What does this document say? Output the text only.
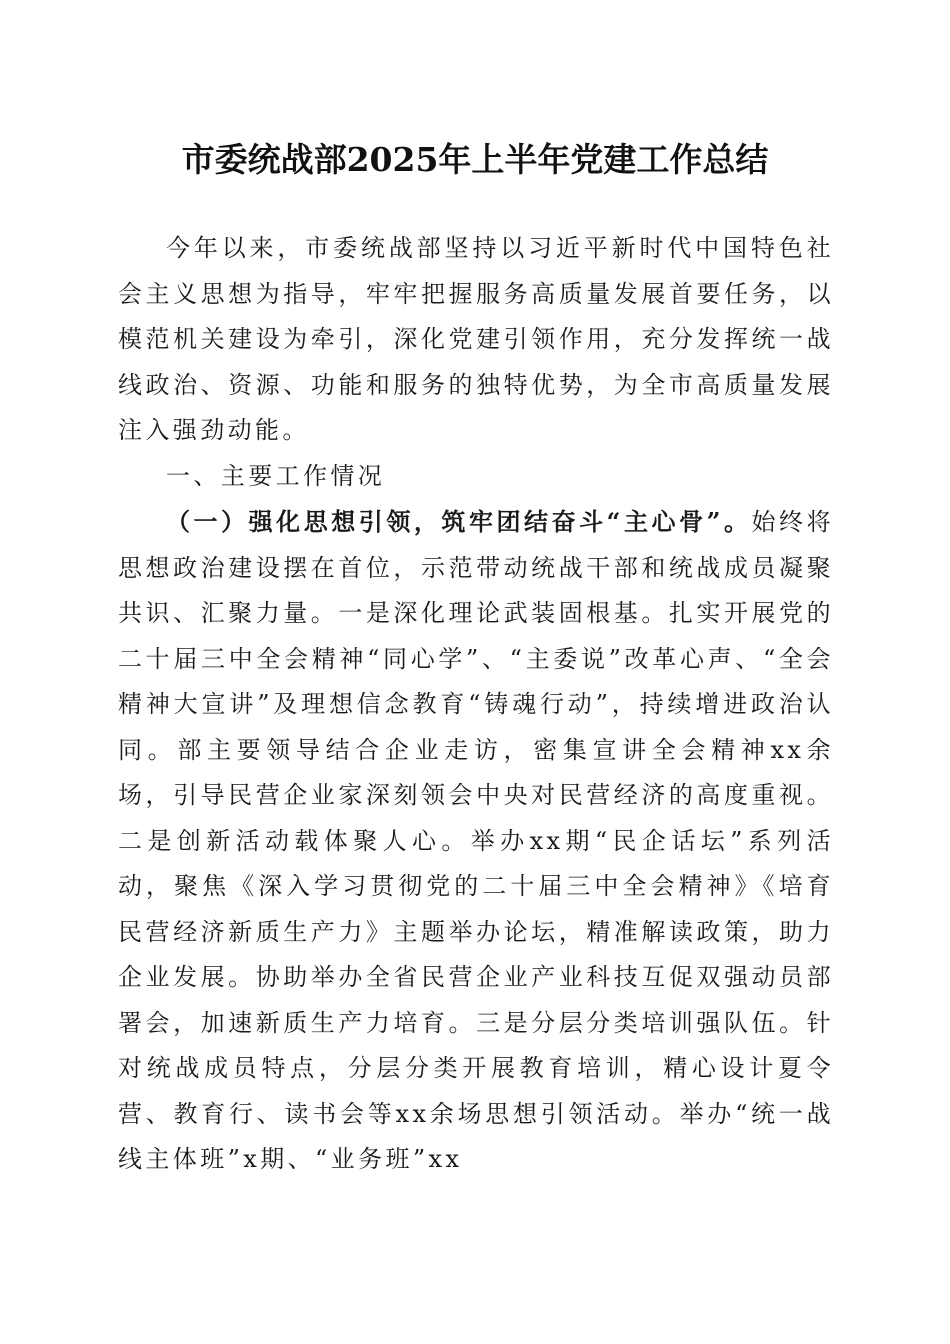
市委统战部2025年上半年党建工作总结

今年以来，市委统战部坚持以习近平新时代中国特色社会主义思想为指导，牢牢把握服务高质量发展首要任务，以模范机关建设为牵引，深化党建引领作用，充分发挥统一战线政治、资源、功能和服务的独特优势，为全市高质量发展注入强劲动能。

一、主要工作情况

（一）强化思想引领，筑牢团结奋斗“主心骨”。始终将思想政治建设摆在首位，示范带动统战干部和统战成员凝聚共识、汇聚力量。一是深化理论武装固根基。扎实开展党的二十届三中全会精神“同心学”、“主委说”改革心声、“全会精神大宣讲”及理想信念教育“铸魂行动”，持续增进政治认同。部主要领导结合企业走访，密集宣讲全会精神xx余场，引导民营企业家深刻领会中央对民营经济的高度重视。二是创新活动载体聚人心。举办xx期“民企话坛”系列活动，聚焦《深入学习贯彻党的二十届三中全会精神》《培育民营经济新质生产力》主题举办论坛，精准解读政策，助力企业发展。协助举办全省民营企业产业科技互促双强动员部署会，加速新质生产力培育。三是分层分类培训强队伍。针对统战成员特点，分层分类开展教育培训，精心设计夏令营、教育行、读书会等xx余场思想引领活动。举办“统一战线主体班”x期、“业务班”xx
